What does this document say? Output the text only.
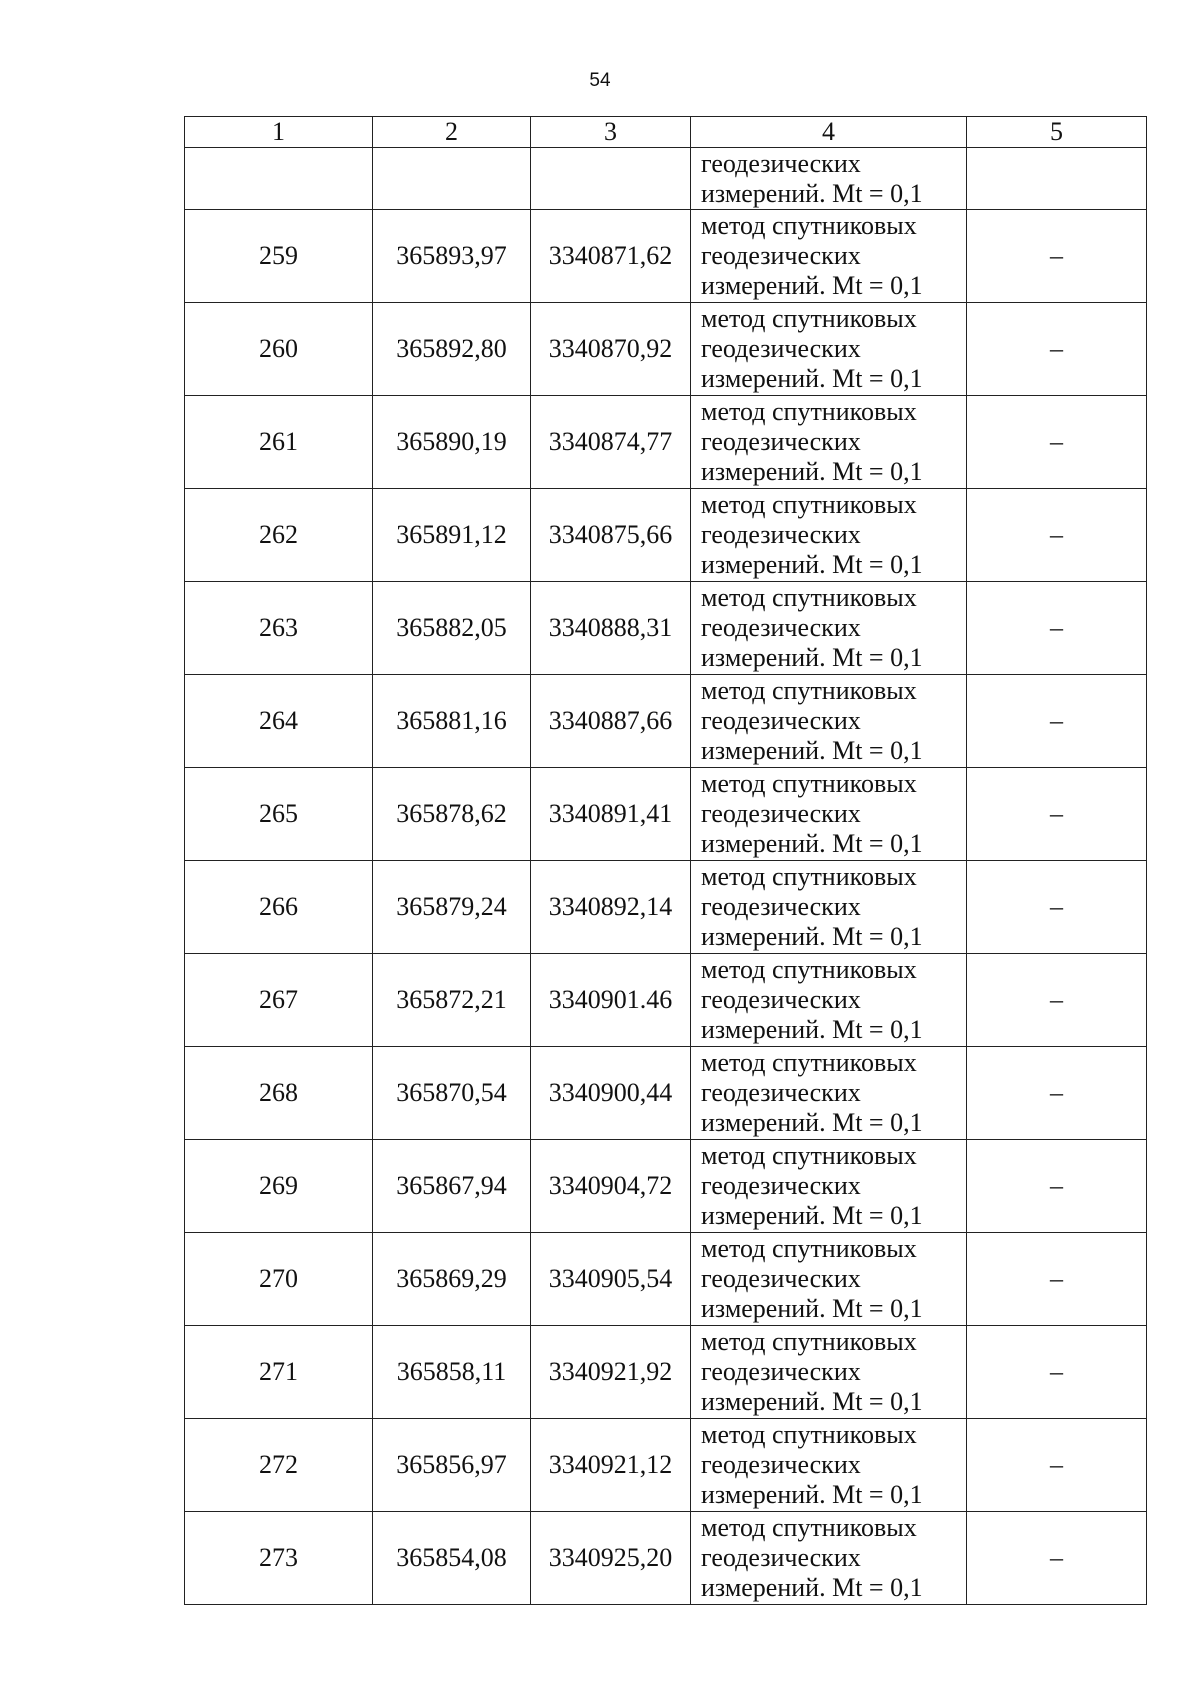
54
1	2	3	4	5

			геодезических
измерений. Mt = 0,1	

259	365893,97	3340871,62	метод спутниковых
геодезических
измерений. Mt = 0,1	–
260	365892,80	3340870,92	метод спутниковых
геодезических
измерений. Mt = 0,1	–
261	365890,19	3340874,77	метод спутниковых
геодезических
измерений. Mt = 0,1	–
262	365891,12	3340875,66	метод спутниковых
геодезических
измерений. Mt = 0,1	–
263	365882,05	3340888,31	метод спутниковых
геодезических
измерений. Mt = 0,1	–
264	365881,16	3340887,66	метод спутниковых
геодезических
измерений. Mt = 0,1	–
265	365878,62	3340891,41	метод спутниковых
геодезических
измерений. Mt = 0,1	–
266	365879,24	3340892,14	метод спутниковых
геодезических
измерений. Mt = 0,1	–
267	365872,21	3340901.46	метод спутниковых
геодезических
измерений. Mt = 0,1	–
268	365870,54	3340900,44	метод спутниковых
геодезических
измерений. Mt = 0,1	–
269	365867,94	3340904,72	метод спутниковых
геодезических
измерений. Mt = 0,1	–
270	365869,29	3340905,54	метод спутниковых
геодезических
измерений. Mt = 0,1	–
271	365858,11	3340921,92	метод спутниковых
геодезических
измерений. Mt = 0,1	–
272	365856,97	3340921,12	метод спутниковых
геодезических
измерений. Mt = 0,1	–
273	365854,08	3340925,20	метод спутниковых
геодезических
измерений. Mt = 0,1	–
